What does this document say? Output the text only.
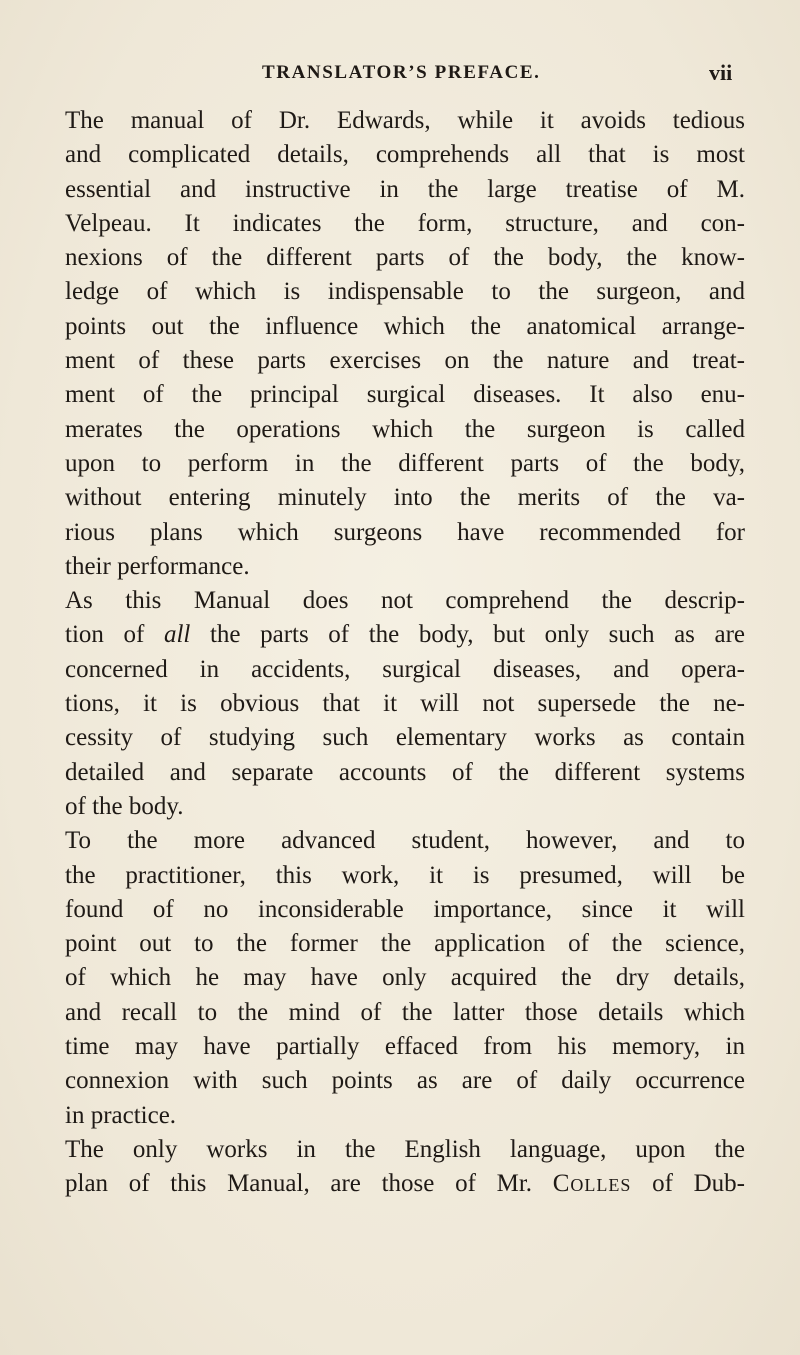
TRANSLATOR’S PREFACE.	vii
The manual of Dr. Edwards, while it avoids tedious
and complicated details, comprehends all that is most
essential and instructive in the large treatise of M.
Velpeau. It indicates the form, structure, and con-
nexions of the different parts of the body, the know-
ledge of which is indispensable to the surgeon, and
points out the influence which the anatomical arrange-
ment of these parts exercises on the nature and treat-
ment of the principal surgical diseases. It also enu-
merates the operations which the surgeon is called
upon to perform in the different parts of the body,
without entering minutely into the merits of the va-
rious plans which surgeons have recommended for
their performance.
As this Manual does not comprehend the descrip-
tion of all the parts of the body, but only such as are
concerned in accidents, surgical diseases, and opera-
tions, it is obvious that it will not supersede the ne-
cessity of studying such elementary works as contain
detailed and separate accounts of the different systems
of the body.
To the more advanced student, however, and to
the practitioner, this work, it is presumed, will be
found of no inconsiderable importance, since it will
point out to the former the application of the science,
of which he may have only acquired the dry details,
and recall to the mind of the latter those details which
time may have partially effaced from his memory, in
connexion with such points as are of daily occurrence
in practice.
The only works in the English language, upon the
plan of this Manual, are those of Mr. Colles of Dub-
